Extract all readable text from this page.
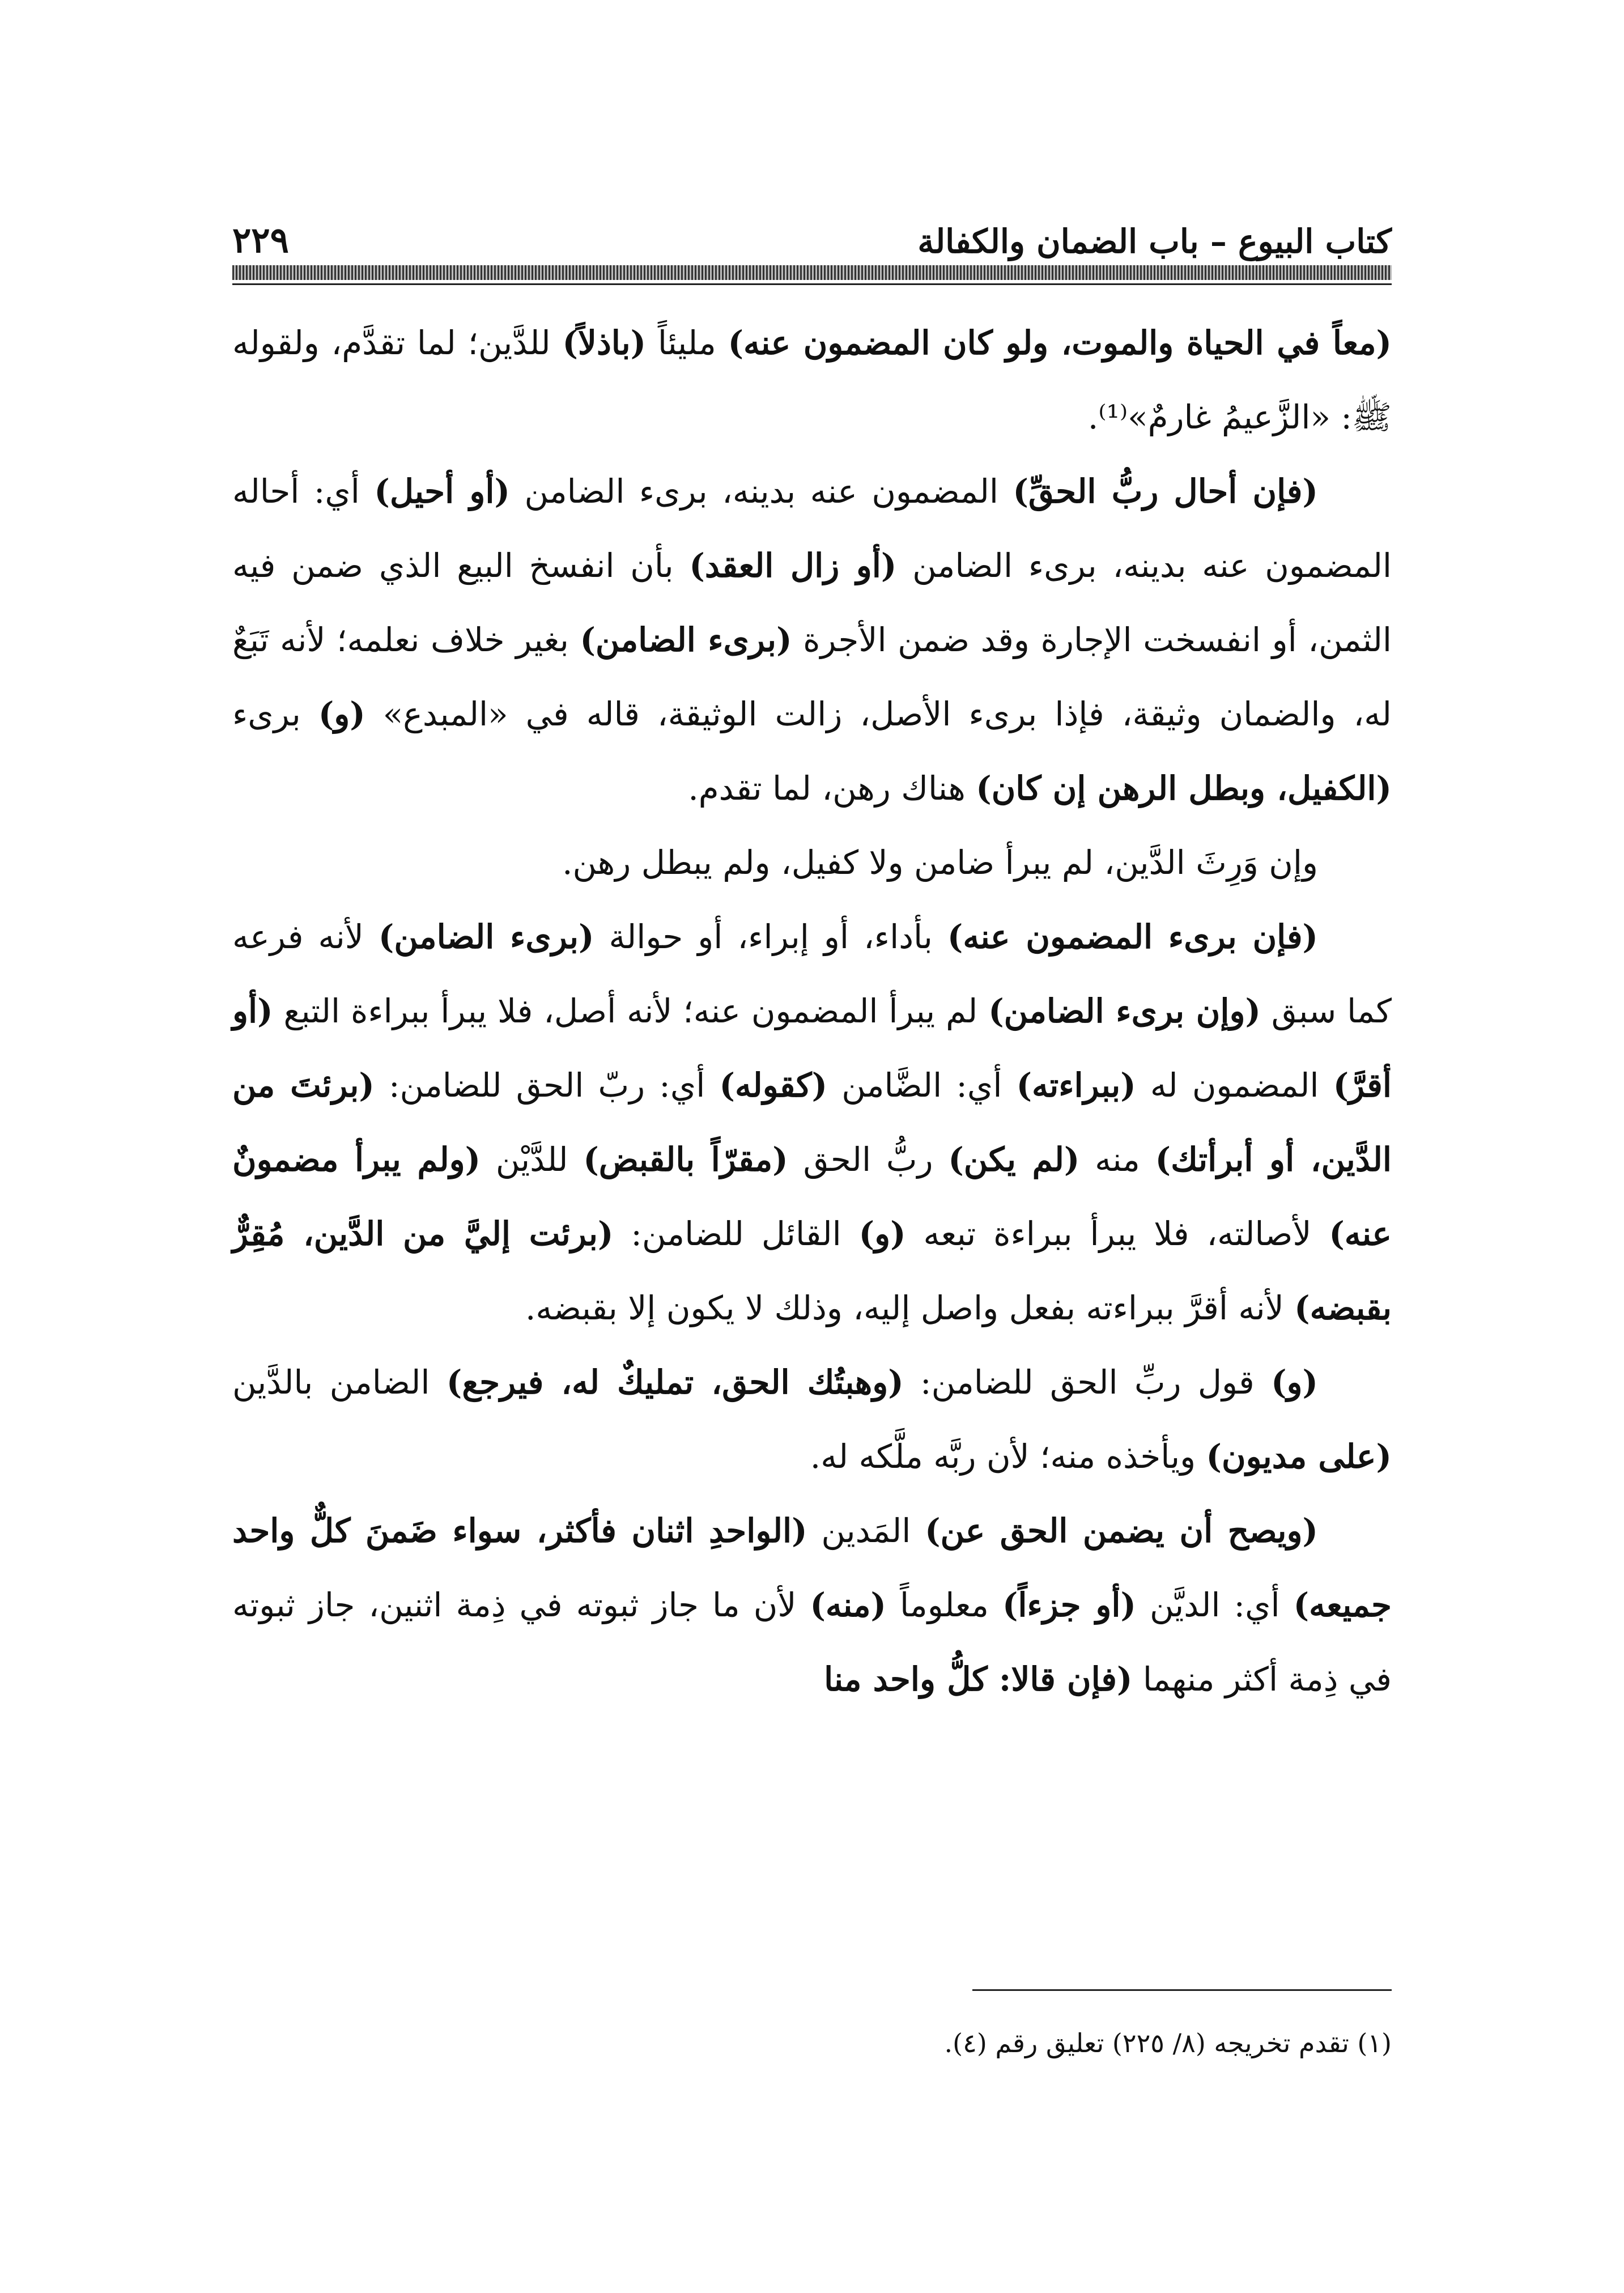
كتاب البيوع – باب الضمان والكفالة
٢٢٩

(معاً في الحياة والموت، ولو كان المضمون عنه) مليئاً (باذلاً) للدَّين؛ لما تقدَّم، ولقوله ﷺ: «الزَّعيمُ غارمٌ»⁽¹⁾.

(فإن أحال ربُّ الحقِّ) المضمون عنه بدينه، برىء الضامن (أو أحيل) أي: أحاله المضمون عنه بدينه، برىء الضامن (أو زال العقد) بأن انفسخ البيع الذي ضمن فيه الثمن، أو انفسخت الإجارة وقد ضمن الأجرة (برىء الضامن) بغير خلاف نعلمه؛ لأنه تَبَعٌ له، والضمان وثيقة، فإذا برىء الأصل، زالت الوثيقة، قاله في «المبدع» (و) برىء (الكفيل، وبطل الرهن إن كان) هناك رهن، لما تقدم.

وإن وَرِثَ الدَّين، لم يبرأ ضامن ولا كفيل، ولم يبطل رهن.

(فإن برىء المضمون عنه) بأداء، أو إبراء، أو حوالة (برىء الضامن) لأنه فرعه كما سبق (وإن برىء الضامن) لم يبرأ المضمون عنه؛ لأنه أصل، فلا يبرأ ببراءة التبع (أو أقرَّ) المضمون له (ببراءته) أي: الضَّامن (كقوله) أي: ربّ الحق للضامن: (برئتَ من الدَّين، أو أبرأتك) منه (لم يكن) ربُّ الحق (مقرّاً بالقبض) للدَّيْن (ولم يبرأ مضمونٌ عنه) لأصالته، فلا يبرأ ببراءة تبعه (و) القائل للضامن: (برئت إليَّ من الدَّين، مُقِرٌّ بقبضه) لأنه أقرَّ ببراءته بفعل واصل إليه، وذلك لا يكون إلا بقبضه.

(و) قول ربِّ الحق للضامن: (وهبتُك الحق، تمليكٌ له، فيرجع) الضامن بالدَّين (على مديون) ويأخذه منه؛ لأن ربَّه ملَّكه له.

(ويصح أن يضمن الحق عن) المَدين (الواحدِ اثنان فأكثر، سواء ضَمنَ كلٌّ واحد جميعه) أي: الديَّن (أو جزءاً) معلوماً (منه) لأن ما جاز ثبوته في ذِمة اثنين، جاز ثبوته في ذِمة أكثر منهما (فإن قالا: كلُّ واحد منا

(١) تقدم تخريجه (٨/ ٢٢٥) تعليق رقم (٤).
